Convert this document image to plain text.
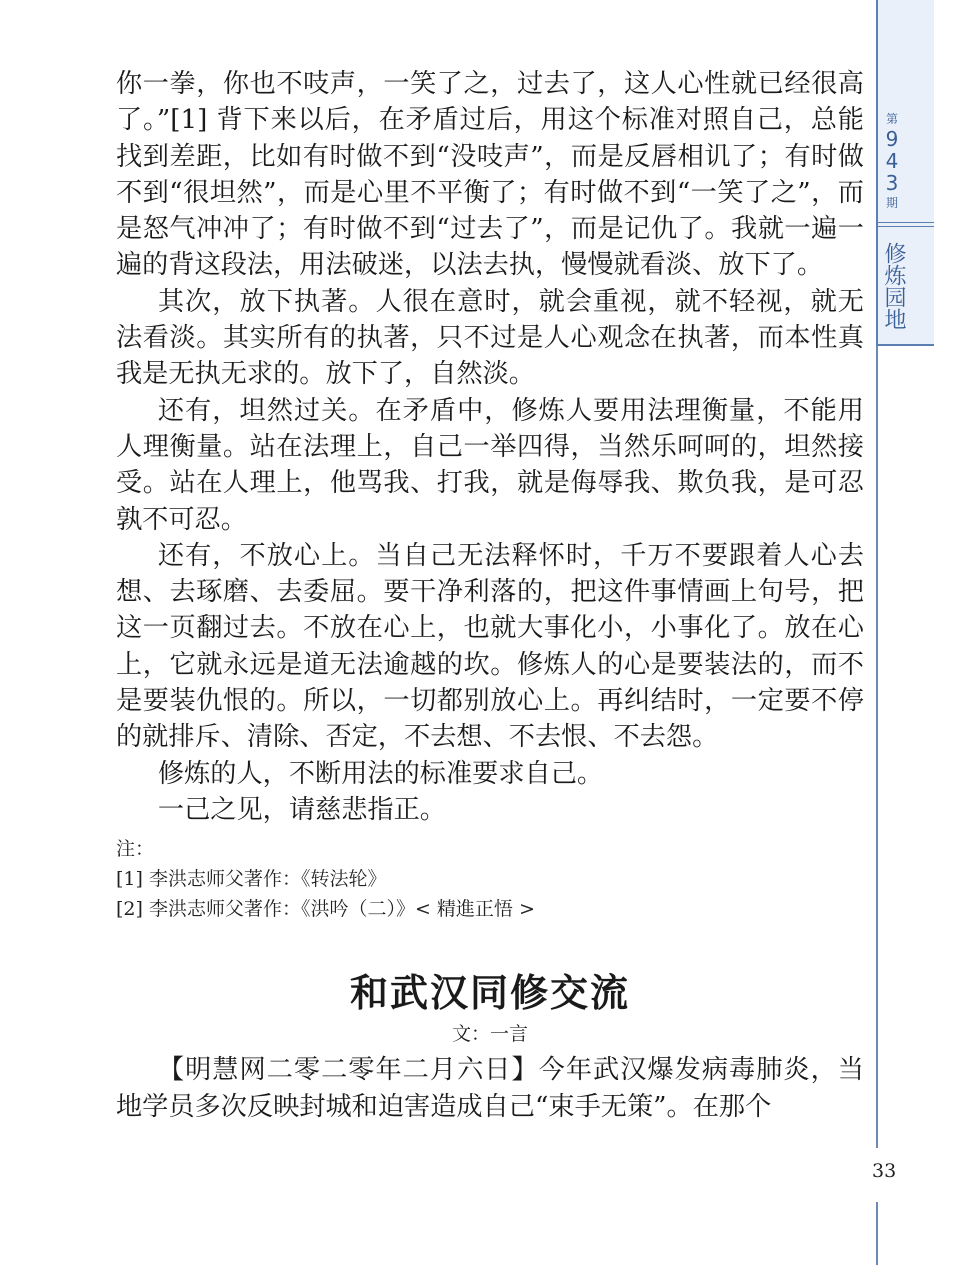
你一拳，你也不吱声，一笑了之，过去了，这人心性就已经很高了。”[1] 背下来以后，在矛盾过后，用这个标准对照自己，总能找到差距，比如有时做不到“没吱声”，而是反唇相讥了；有时做不到“很坦然”，而是心里不平衡了；有时做不到“一笑了之”，而是怒气冲冲了；有时做不到“过去了”，而是记仇了。我就一遍一遍的背这段法，用法破迷，以法去执，慢慢就看淡、放下了。

其次，放下执著。人很在意时，就会重视，就不轻视，就无法看淡。其实所有的执著，只不过是人心观念在执著，而本性真我是无执无求的。放下了，自然淡。

还有，坦然过关。在矛盾中，修炼人要用法理衡量，不能用人理衡量。站在法理上，自己一举四得，当然乐呵呵的，坦然接受。站在人理上，他骂我、打我，就是侮辱我、欺负我，是可忍孰不可忍。

还有，不放心上。当自己无法释怀时，千万不要跟着人心去想、去琢磨、去委屈。要干净利落的，把这件事情画上句号，把这一页翻过去。不放在心上，也就大事化小，小事化了。放在心上，它就永远是道无法逾越的坎。修炼人的心是要装法的，而不是要装仇恨的。所以，一切都别放心上。再纠结时，一定要不停的就排斥、清除、否定，不去想、不去恨、不去怨。

修炼的人，不断用法的标准要求自己。

一己之见，请慈悲指正。

注：
[1] 李洪志师父著作：《转法轮》
[2] 李洪志师父著作：《洪吟（二）》< 精進正悟 >
和武汉同修交流
文：一言

【明慧网二零二零年二月六日】今年武汉爆发病毒肺炎，当地学员多次反映封城和迫害造成自己“束手无策”。在那个

第
9
4
3
期
修炼园地
33
